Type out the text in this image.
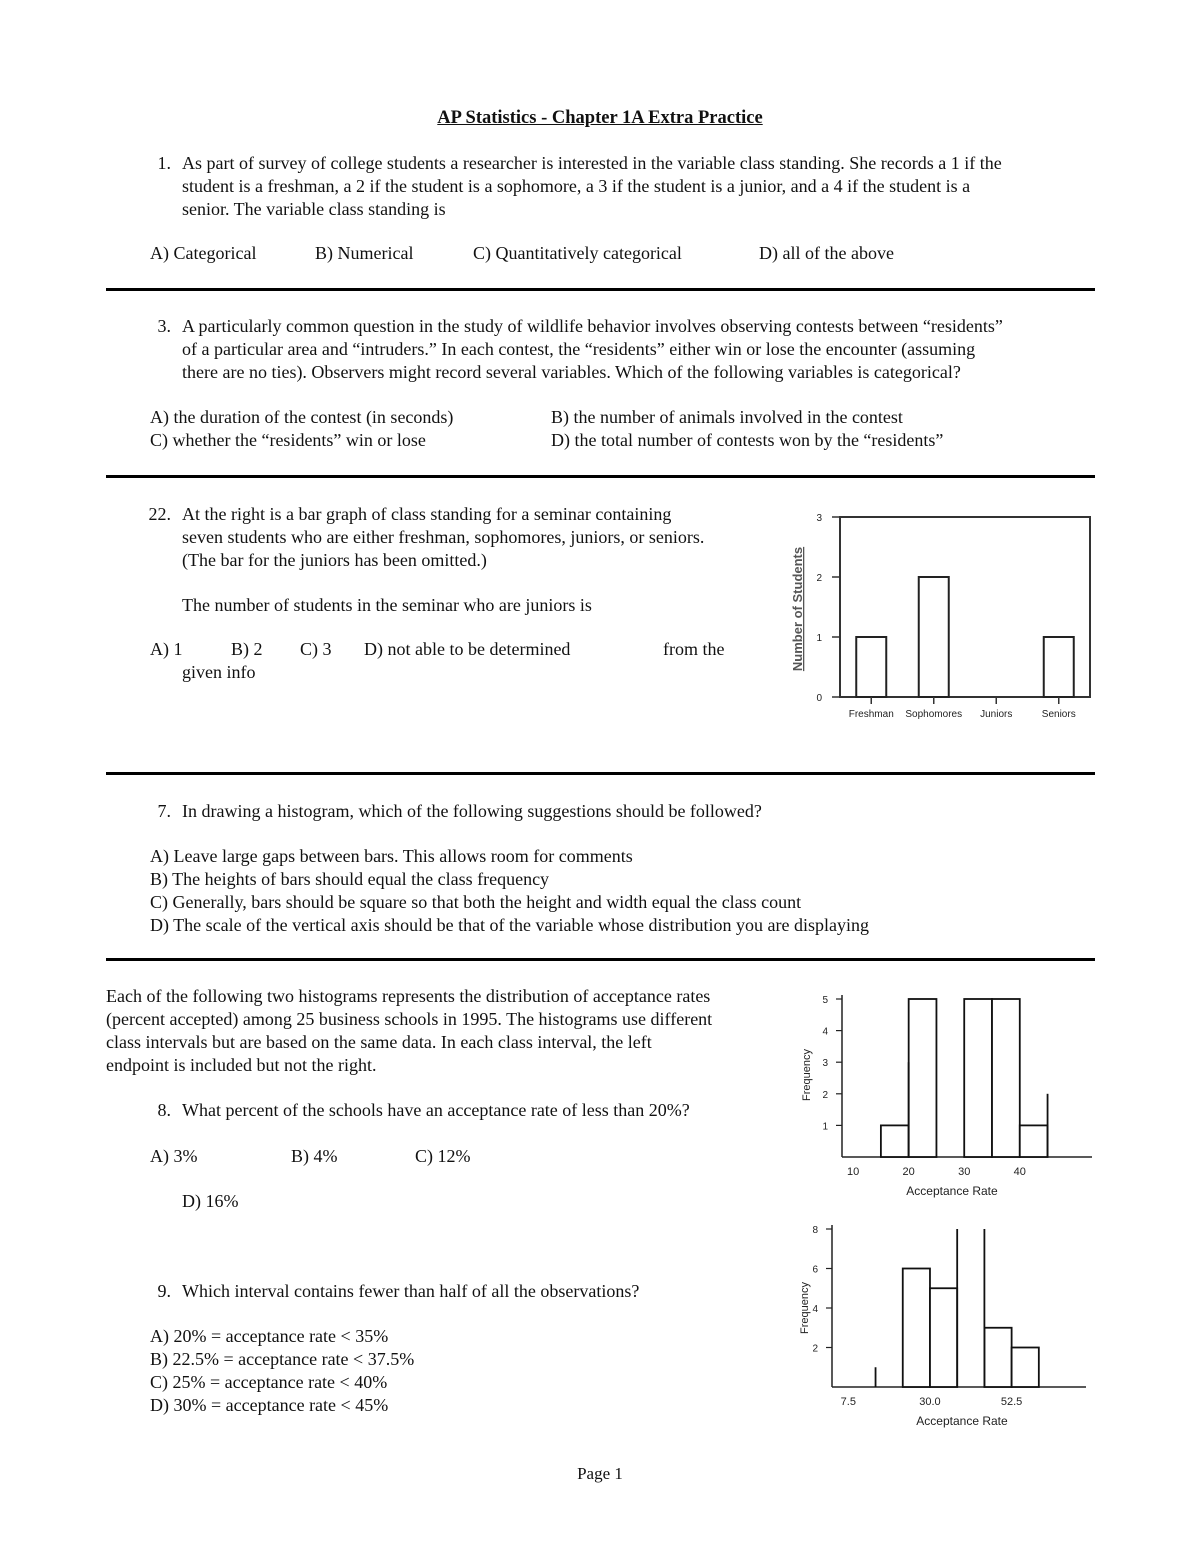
AP Statistics - Chapter 1A Extra Practice
1. As part of survey of college students a researcher is interested in the variable class standing. She records a 1 if the
student is a freshman, a 2 if the student is a sophomore, a 3 if the student is a junior, and a 4 if the student is a
senior. The variable class standing is
A) Categorical	B) Numerical	C) Quantitatively categorical	D) all of the above
3. A particularly common question in the study of wildlife behavior involves observing contests between “residents”
of a particular area and “intruders.” In each contest, the “residents” either win or lose the encounter (assuming
there are no ties). Observers might record several variables. Which of the following variables is categorical?
A) the duration of the contest (in seconds)	B) the number of animals involved in the contest
C) whether the “residents” win or lose	D) the total number of contests won by the “residents”
22. At the right is a bar graph of class standing for a seminar containing
seven students who are either freshman, sophomores, juniors, or seniors.
(The bar for the juniors has been omitted.)
The number of students in the seminar who are juniors is
A) 1	B) 2 C) 3 D) not able to be determined	from the
given info
Number of Students
0
1
2
3
Freshman Sophomores Juniors	Seniors
7. In drawing a histogram, which of the following suggestions should be followed?
A) Leave large gaps between bars. This allows room for comments
B) The heights of bars should equal the class frequency
C) Generally, bars should be square so that both the height and width equal the class count
D) The scale of the vertical axis should be that of the variable whose distribution you are displaying
Each of the following two histograms represents the distribution of acceptance rates
(percent accepted) among 25 business schools in 1995. The histograms use different
class intervals but are based on the same data. In each class interval, the left
endpoint is included but not the right.
8. What percent of the schools have an acceptance rate of less than 20%?
A) 3%	B) 4%	C) 12%
D) 16%
9. Which interval contains fewer than half of all the observations?
A) 20% = acceptance rate < 35%
B) 22.5% = acceptance rate < 37.5%
C) 25% = acceptance rate < 40%
D) 30% = acceptance rate < 45%
Frequency
1
2
3
4
5
10	20	30	40
Acceptance Rate
Frequency
2
4
6
8
7.5	30.0	52.5
Acceptance Rate
Page 1
